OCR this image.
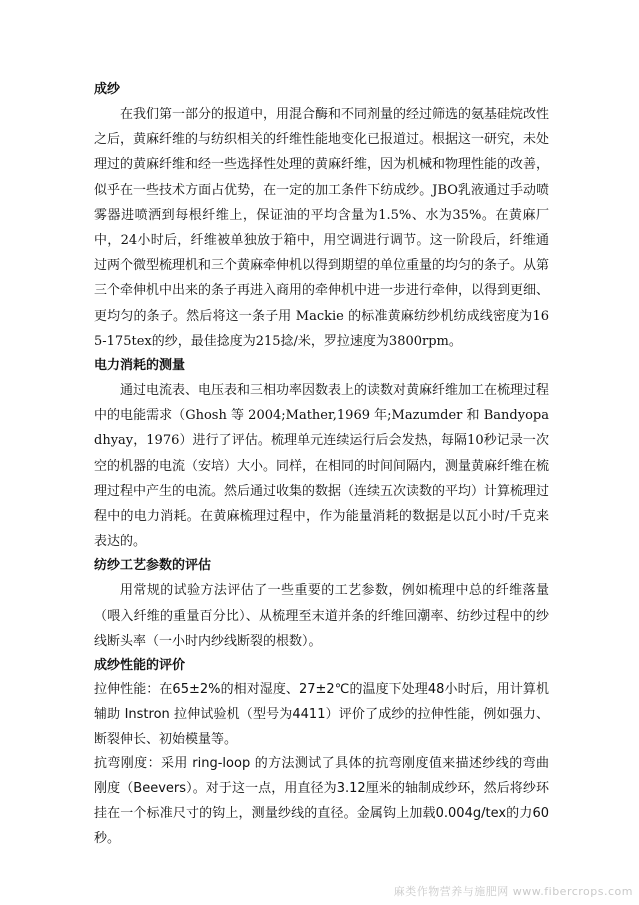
成纱

在我们第一部分的报道中，用混合酶和不同剂量的经过筛选的氨基硅烷改性之后，黄麻纤维的与纺织相关的纤维性能地变化已报道过。根据这一研究，未处理过的黄麻纤维和经一些选择性处理的黄麻纤维，因为机械和物理性能的改善，似乎在一些技术方面占优势，在一定的加工条件下纺成纱。JBO乳液通过手动喷雾器进喷洒到每根纤维上，保证油的平均含量为1.5%、水为35%。在黄麻厂中，24小时后，纤维被单独放于箱中，用空调进行调节。这一阶段后，纤维通过两个微型梳理机和三个黄麻牵伸机以得到期望的单位重量的均匀的条子。从第三个牵伸机中出来的条子再进入商用的牵伸机中进一步进行牵伸，以得到更细、更均匀的条子。然后将这一条子用 Mackie 的标准黄麻纺纱机纺成线密度为165-175tex的纱，最佳捻度为215捻/米，罗拉速度为3800rpm。

电力消耗的测量

通过电流表、电压表和三相功率因数表上的读数对黄麻纤维加工在梳理过程中的电能需求（Ghosh 等 2004;Mather,1969 年;Mazumder 和 Bandyopadhyay，1976）进行了评估。梳理单元连续运行后会发热，每隔10秒记录一次空的机器的电流（安培）大小。同样，在相同的时间间隔内，测量黄麻纤维在梳理过程中产生的电流。然后通过收集的数据（连续五次读数的平均）计算梳理过程中的电力消耗。在黄麻梳理过程中，作为能量消耗的数据是以瓦小时/千克来表达的。

纺纱工艺参数的评估

用常规的试验方法评估了一些重要的工艺参数，例如梳理中总的纤维落量（喂入纤维的重量百分比）、从梳理至末道并条的纤维回潮率、纺纱过程中的纱线断头率（一小时内纱线断裂的根数）。

成纱性能的评价

拉伸性能：在65±2%的相对湿度、27±2℃的温度下处理48小时后，用计算机辅助 Instron 拉伸试验机（型号为4411）评价了成纱的拉伸性能，例如强力、断裂伸长、初始模量等。

抗弯刚度：采用 ring-loop 的方法测试了具体的抗弯刚度值来描述纱线的弯曲刚度（Beevers）。对于这一点，用直径为3.12厘米的轴制成纱环，然后将纱环挂在一个标准尺寸的钩上，测量纱线的直径。金属钩上加载0.004g/tex的力60秒。

麻类作物营养与施肥网 www.fibercrops.com
